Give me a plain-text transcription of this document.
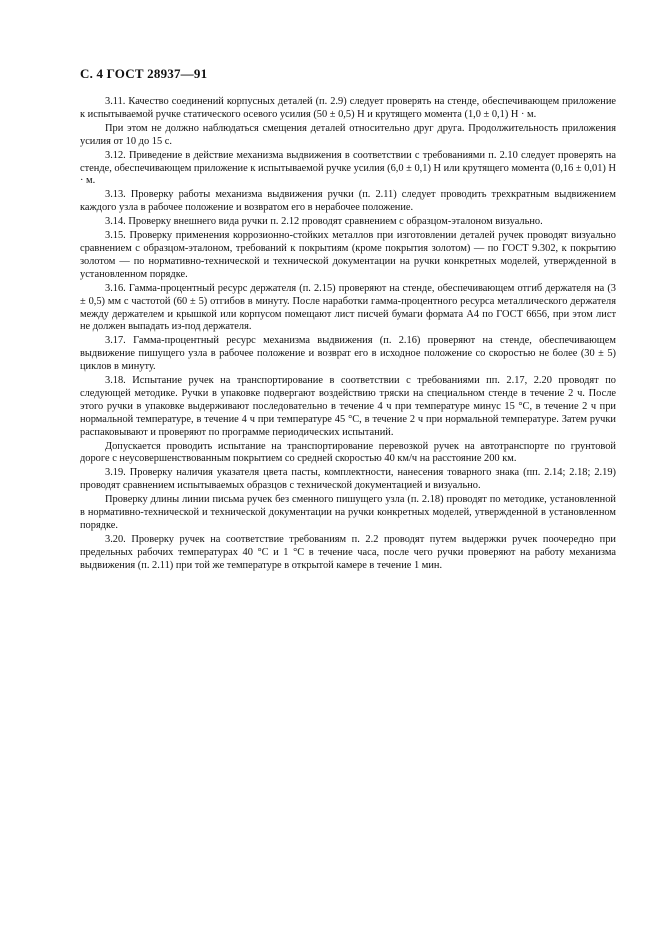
С. 4 ГОСТ 28937—91

3.11. Качество соединений корпусных деталей (п. 2.9) следует проверять на стенде, обеспечивающем приложение к испытываемой ручке статического осевого усилия (50 ± 0,5) Н и крутящего момента (1,0 ± 0,1) Н · м.

При этом не должно наблюдаться смещения деталей относительно друг друга. Продолжительность приложения усилия от 10 до 15 с.

3.12. Приведение в действие механизма выдвижения в соответствии с требованиями п. 2.10 следует проверять на стенде, обеспечивающем приложение к испытываемой ручке усилия (6,0 ± 0,1) Н или крутящего момента (0,16 ± 0,01) Н · м.

3.13. Проверку работы механизма выдвижения ручки (п. 2.11) следует проводить трехкратным выдвижением каждого узла в рабочее положение и возвратом его в нерабочее положение.

3.14. Проверку внешнего вида ручки п. 2.12 проводят сравнением с образцом-эталоном визуально.

3.15. Проверку применения коррозионно-стойких металлов при изготовлении деталей ручек проводят визуально сравнением с образцом-эталоном, требований к покрытиям (кроме покрытия золотом) — по ГОСТ 9.302, к покрытию золотом — по нормативно-технической и технической документации на ручки конкретных моделей, утвержденной в установленном порядке.

3.16. Гамма-процентный ресурс держателя (п. 2.15) проверяют на стенде, обеспечивающем отгиб держателя на (3 ± 0,5) мм с частотой (60 ± 5) отгибов в минуту. После наработки гамма-процентного ресурса металлического держателя между держателем и крышкой или корпусом помещают лист писчей бумаги формата А4 по ГОСТ 6656, при этом лист не должен выпадать из-под держателя.

3.17. Гамма-процентный ресурс механизма выдвижения (п. 2.16) проверяют на стенде, обеспечивающем выдвижение пишущего узла в рабочее положение и возврат его в исходное положение со скоростью не более (30 ± 5) циклов в минуту.

3.18. Испытание ручек на транспортирование в соответствии с требованиями пп. 2.17, 2.20 проводят по следующей методике. Ручки в упаковке подвергают воздействию тряски на специальном стенде в течение 2 ч. После этого ручки в упаковке выдерживают последовательно в течение 4 ч при температуре минус 15 °С, в течение 2 ч при нормальной температуре, в течение 4 ч при температуре 45 °С, в течение 2 ч при нормальной температуре. Затем ручки распаковывают и проверяют по программе периодических испытаний.

Допускается проводить испытание на транспортирование перевозкой ручек на автотранспорте по грунтовой дороге с неусовершенствованным покрытием со средней скоростью 40 км/ч на расстояние 200 км.

3.19. Проверку наличия указателя цвета пасты, комплектности, нанесения товарного знака (пп. 2.14; 2.18; 2.19) проводят сравнением испытываемых образцов с технической документацией и визуально.

Проверку длины линии письма ручек без сменного пишущего узла (п. 2.18) проводят по методике, установленной в нормативно-технической и технической документации на ручки конкретных моделей, утвержденной в установленном порядке.

3.20. Проверку ручек на соответствие требованиям п. 2.2 проводят путем выдержки ручек поочередно при предельных рабочих температурах 40 °С и 1 °С в течение часа, после чего ручки проверяют на работу механизма выдвижения (п. 2.11) при той же температуре в открытой камере в течение 1 мин.
